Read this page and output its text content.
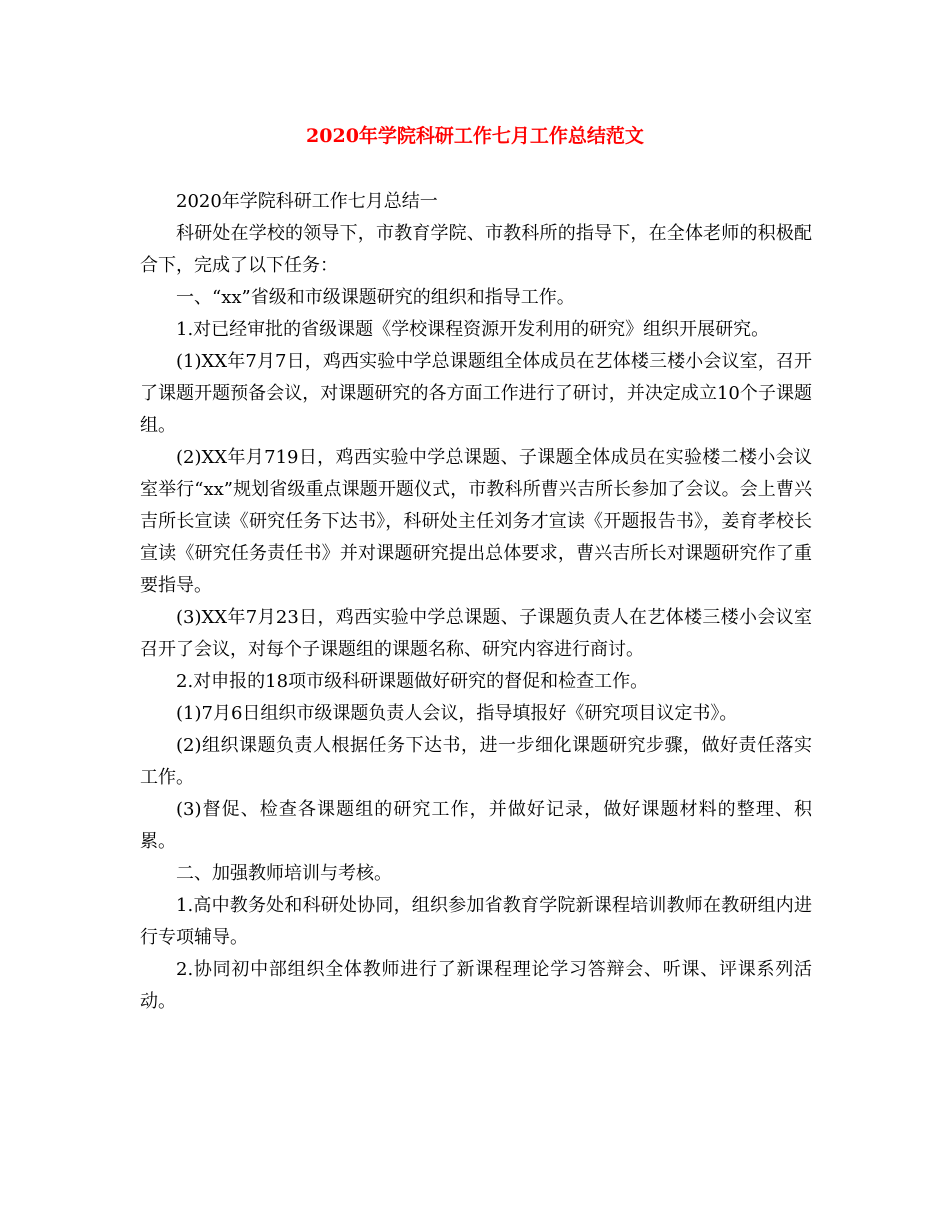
2020年学院科研工作七月工作总结范文

2020年学院科研工作七月总结一

科研处在学校的领导下，市教育学院、市教科所的指导下，在全体老师的积极配合下，完成了以下任务：

一、“xx”省级和市级课题研究的组织和指导工作。

1.对已经审批的省级课题《学校课程资源开发利用的研究》组织开展研究。

(1)XX年7月7日，鸡西实验中学总课题组全体成员在艺体楼三楼小会议室，召开了课题开题预备会议，对课题研究的各方面工作进行了研讨，并决定成立10个子课题组。

(2)XX年月719日，鸡西实验中学总课题、子课题全体成员在实验楼二楼小会议室举行“xx”规划省级重点课题开题仪式，市教科所曹兴吉所长参加了会议。会上曹兴吉所长宣读《研究任务下达书》，科研处主任刘务才宣读《开题报告书》，姜育孝校长宣读《研究任务责任书》并对课题研究提出总体要求，曹兴吉所长对课题研究作了重要指导。

(3)XX年7月23日，鸡西实验中学总课题、子课题负责人在艺体楼三楼小会议室召开了会议，对每个子课题组的课题名称、研究内容进行商讨。

2.对申报的18项市级科研课题做好研究的督促和检查工作。

(1)7月6日组织市级课题负责人会议，指导填报好《研究项目议定书》。

(2)组织课题负责人根据任务下达书，进一步细化课题研究步骤，做好责任落实工作。

(3)督促、检查各课题组的研究工作，并做好记录，做好课题材料的整理、积累。

二、加强教师培训与考核。

1.高中教务处和科研处协同，组织参加省教育学院新课程培训教师在教研组内进行专项辅导。

2.协同初中部组织全体教师进行了新课程理论学习答辩会、听课、评课系列活动。
